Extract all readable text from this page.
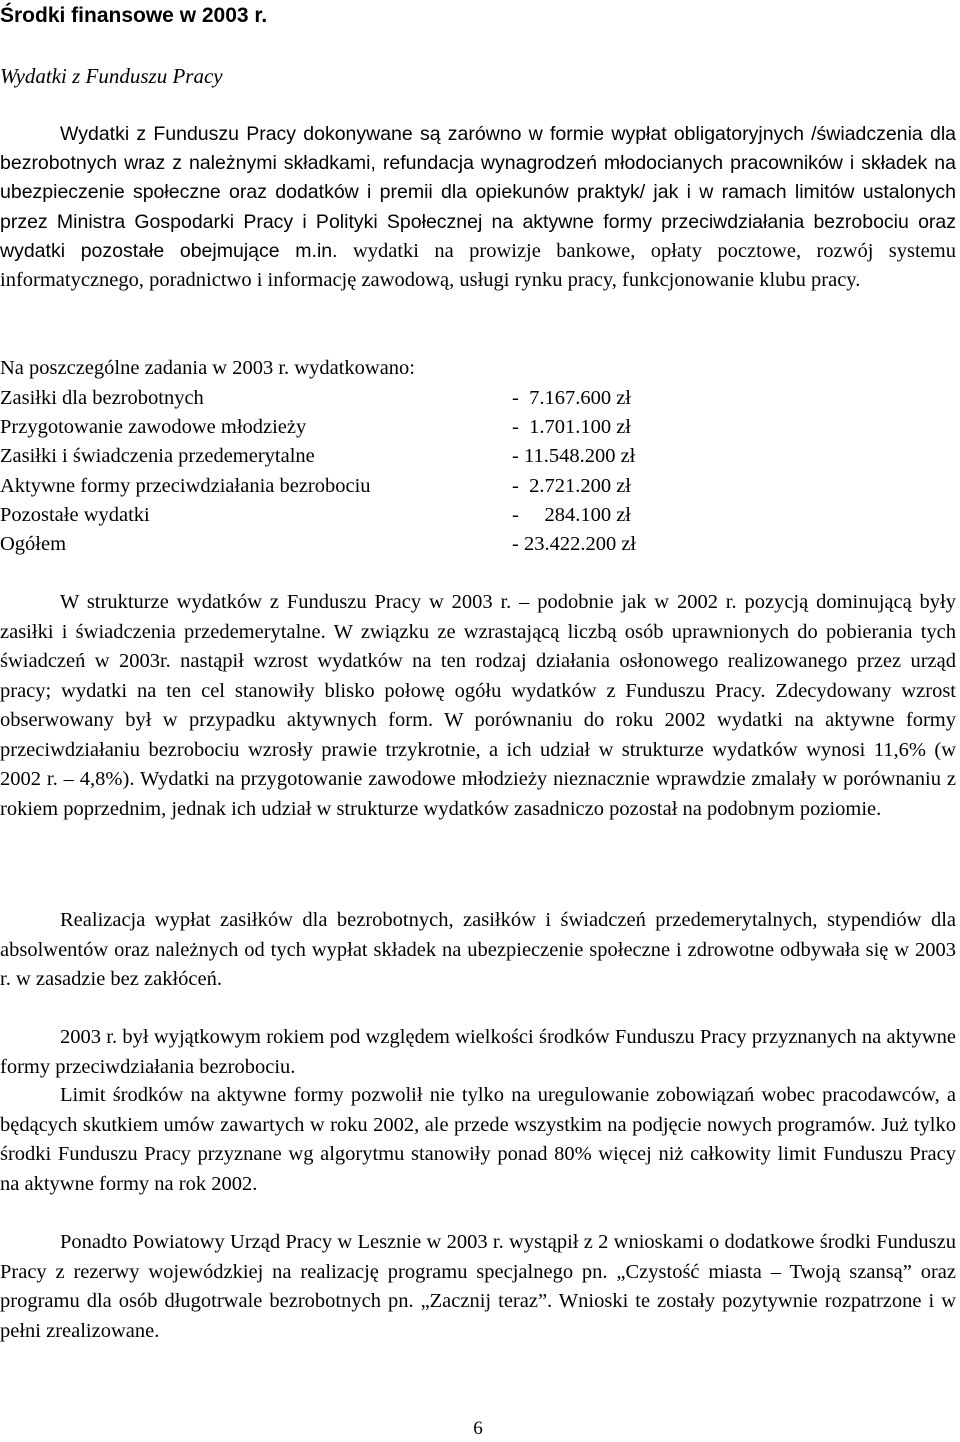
Środki finansowe w 2003 r.
Wydatki z Funduszu Pracy
Wydatki z Funduszu Pracy dokonywane są zarówno w formie wypłat obligatoryjnych /świadczenia dla bezrobotnych wraz z należnymi składkami, refundacja wynagrodzeń młodocianych pracowników i składek na ubezpieczenie społeczne oraz dodatków i premii dla opiekunów praktyk/ jak i w ramach limitów ustalonych przez Ministra Gospodarki Pracy i Polityki Społecznej na aktywne formy przeciwdziałania bezrobociu oraz wydatki pozostałe obejmujące m.in. wydatki na prowizje bankowe, opłaty pocztowe, rozwój systemu informatycznego, poradnictwo i informację zawodową, usługi rynku pracy, funkcjonowanie klubu pracy.
Na poszczególne zadania w 2003 r. wydatkowano:
Zasiłki dla bezrobotnych	-  7.167.600 zł
Przygotowanie zawodowe młodzieży	-  1.701.100 zł
Zasiłki i świadczenia przedemerytalne	- 11.548.200 zł
Aktywne formy przeciwdziałania bezrobociu	-  2.721.200 zł
Pozostałe wydatki	-     284.100 zł
Ogółem	- 23.422.200 zł
W strukturze wydatków z Funduszu Pracy w 2003 r. – podobnie jak w 2002 r. pozycją dominującą były zasiłki i świadczenia przedemerytalne. W związku ze wzrastającą liczbą osób uprawnionych do pobierania tych świadczeń w 2003r. nastąpił wzrost wydatków na ten rodzaj działania osłonowego realizowanego przez urząd pracy; wydatki na ten cel stanowiły blisko połowę ogółu wydatków z Funduszu Pracy. Zdecydowany wzrost obserwowany był w przypadku aktywnych form. W porównaniu do roku 2002 wydatki na aktywne formy przeciwdziałaniu bezrobociu wzrosły prawie trzykrotnie, a ich udział w strukturze wydatków wynosi 11,6% (w 2002 r. – 4,8%). Wydatki na przygotowanie zawodowe młodzieży nieznacznie wprawdzie zmalały w porównaniu z rokiem poprzednim, jednak ich udział w strukturze wydatków zasadniczo pozostał na podobnym poziomie.
Realizacja wypłat zasiłków dla bezrobotnych, zasiłków i świadczeń przedemerytalnych, stypendiów dla absolwentów oraz należnych od tych wypłat składek na ubezpieczenie społeczne i zdrowotne odbywała się w 2003 r. w zasadzie bez zakłóceń.
2003 r. był wyjątkowym rokiem pod względem wielkości środków Funduszu Pracy przyznanych na aktywne formy przeciwdziałania bezrobociu.
Limit środków na aktywne formy pozwolił nie tylko na uregulowanie zobowiązań wobec pracodawców, a będących skutkiem umów zawartych w roku 2002, ale przede wszystkim na podjęcie nowych programów. Już tylko środki Funduszu Pracy przyznane wg algorytmu stanowiły ponad 80% więcej niż całkowity limit Funduszu Pracy na aktywne formy na rok 2002.
Ponadto Powiatowy Urząd Pracy w Lesznie w 2003 r. wystąpił z 2 wnioskami o dodatkowe środki Funduszu Pracy z rezerwy wojewódzkiej na realizację programu specjalnego pn. „Czystość miasta – Twoją szansą” oraz programu dla osób długotrwale bezrobotnych pn. „Zacznij teraz”. Wnioski te zostały pozytywnie rozpatrzone i w pełni zrealizowane.
6
